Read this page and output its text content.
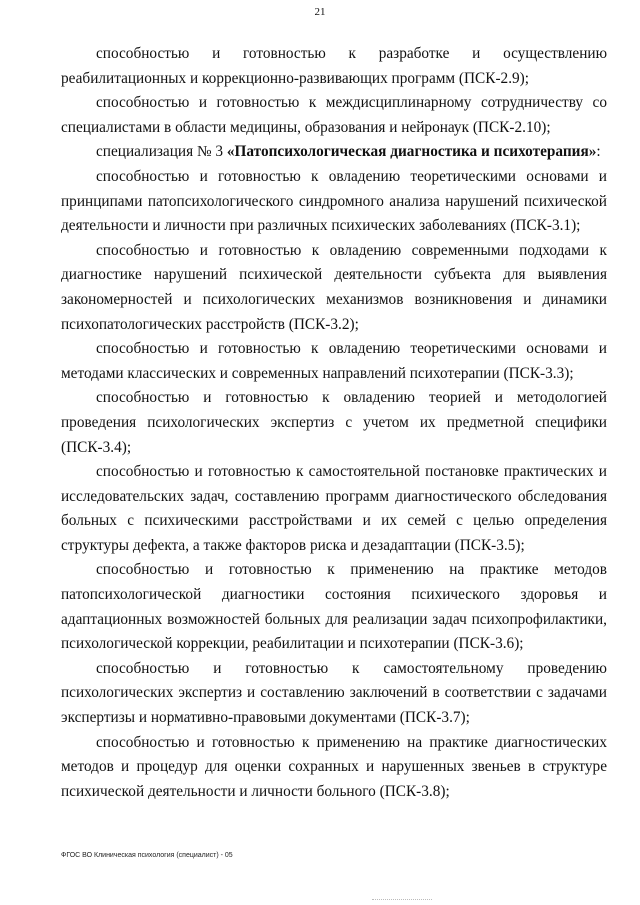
21

способностью и готовностью к разработке и осуществлению реабилитационных и коррекционно-развивающих программ (ПСК-2.9);

способностью и готовностью к междисциплинарному сотрудничеству со специалистами в области медицины, образования и нейронаук (ПСК-2.10);

специализация № 3 «Патопсихологическая диагностика и психотерапия»:

способностью и готовностью к овладению теоретическими основами и принципами патопсихологического синдромного анализа нарушений психической деятельности и личности при различных психических заболеваниях (ПСК-3.1);

способностью и готовностью к овладению современными подходами к диагностике нарушений психической деятельности субъекта для выявления закономерностей и психологических механизмов возникновения и динамики психопатологических расстройств (ПСК-3.2);

способностью и готовностью к овладению теоретическими основами и методами классических и современных направлений психотерапии (ПСК-3.3);

способностью и готовностью к овладению теорией и методологией проведения психологических экспертиз с учетом их предметной специфики (ПСК-3.4);

способностью и готовностью к самостоятельной постановке практических и исследовательских задач, составлению программ диагностического обследования больных с психическими расстройствами и их семей с целью определения структуры дефекта, а также факторов риска и дезадаптации (ПСК-3.5);

способностью и готовностью к применению на практике методов патопсихологической диагностики состояния психического здоровья и адаптационных возможностей больных для реализации задач психопрофилактики, психологической коррекции, реабилитации и психотерапии (ПСК-3.6);

способностью и готовностью к самостоятельному проведению психологических экспертиз и составлению заключений в соответствии с задачами экспертизы и нормативно-правовыми документами (ПСК-3.7);

способностью и готовностью к применению на практике диагностических методов и процедур для оценки сохранных и нарушенных звеньев в структуре психической деятельности и личности больного (ПСК-3.8);

ФГОС ВО Клиническая психология (специалист) - 05
